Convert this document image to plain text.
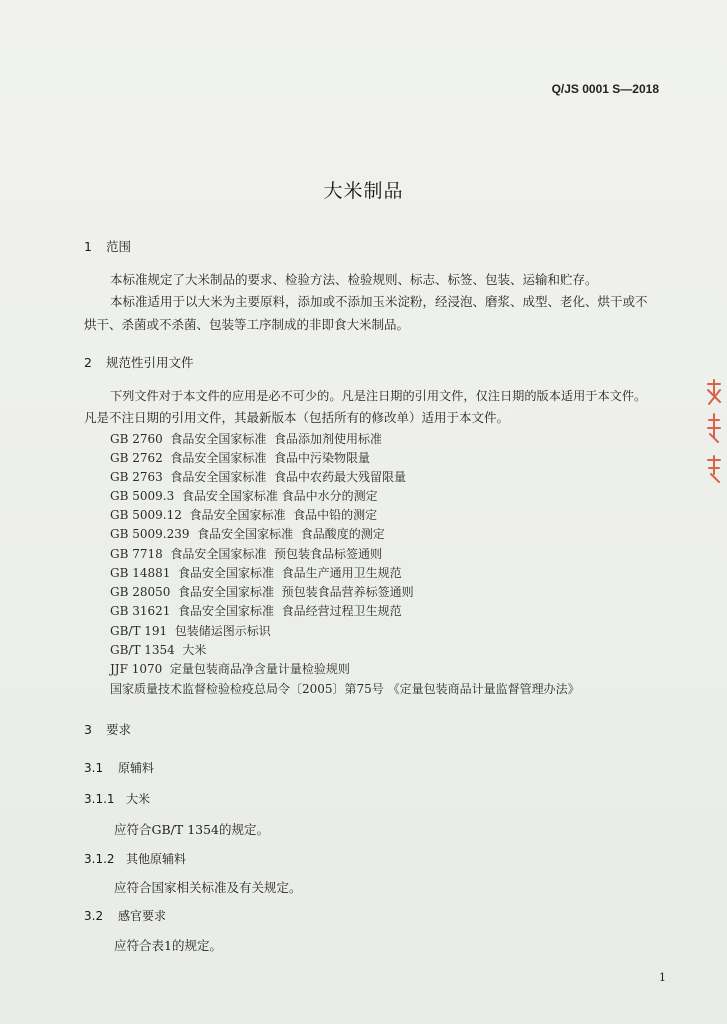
Q/JS 0001 S—2018
大米制品
1 范围
本标准规定了大米制品的要求、检验方法、检验规则、标志、标签、包装、运输和贮存。
本标准适用于以大米为主要原料，添加或不添加玉米淀粉，经浸泡、磨浆、成型、老化、烘干或不
烘干、杀菌或不杀菌、包装等工序制成的非即食大米制品。
2 规范性引用文件
下列文件对于本文件的应用是必不可少的。凡是注日期的引用文件，仅注日期的版本适用于本文件。
凡是不注日期的引用文件，其最新版本（包括所有的修改单）适用于本文件。
GB 2760  食品安全国家标准  食品添加剂使用标准
GB 2762  食品安全国家标准  食品中污染物限量
GB 2763  食品安全国家标准  食品中农药最大残留限量
GB 5009.3  食品安全国家标准 食品中水分的测定
GB 5009.12  食品安全国家标准  食品中铅的测定
GB 5009.239  食品安全国家标准  食品酸度的测定
GB 7718  食品安全国家标准  预包装食品标签通则
GB 14881  食品安全国家标准  食品生产通用卫生规范
GB 28050  食品安全国家标准  预包装食品营养标签通则
GB 31621  食品安全国家标准  食品经营过程卫生规范
GB/T 191  包装储运图示标识
GB/T 1354  大米
JJF 1070  定量包装商品净含量计量检验规则
国家质量技术监督检验检疫总局令〔2005〕第75号 《定量包装商品计量监督管理办法》
3 要求
3.1 原辅料
3.1.1 大米
应符合GB/T 1354的规定。
3.1.2 其他原辅料
应符合国家相关标准及有关规定。
3.2 感官要求
应符合表1的规定。
1
